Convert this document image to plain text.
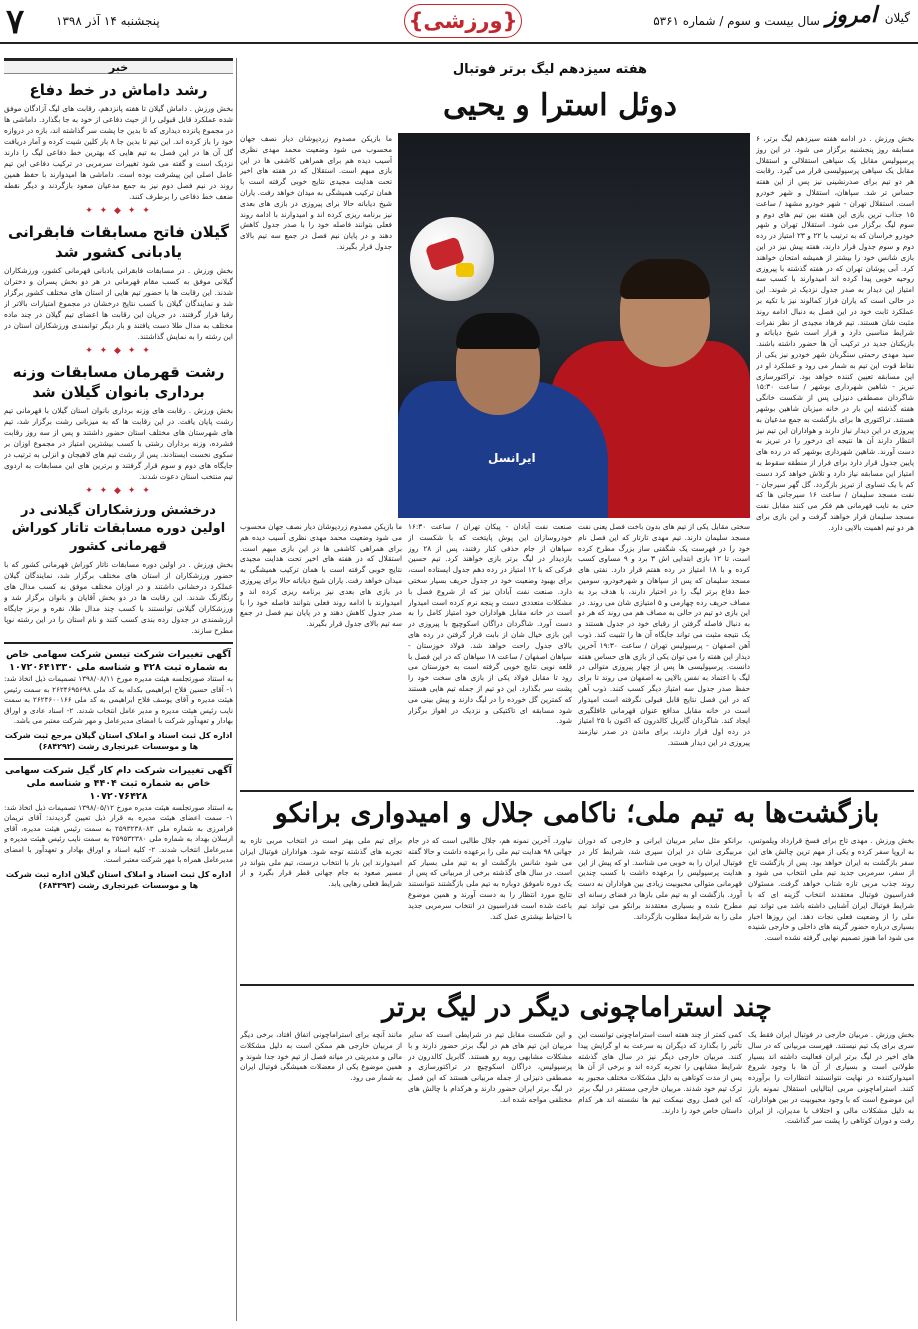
۷	پنجشنبه ۱۴ آذر ۱۳۹۸	{ورزشی}	سال بیست و سوم / شماره ۵۳۶۱	گیلان امروز
خبر
رشد داماش در خط دفاع
بخش ورزش . داماش گیلان تا هفته پانزدهم، رقابت های لیگ آزادگان موفق شده عملکرد قابل قبولی را از حیث دفاعی از خود به جا بگذارد. داماشی ها در مجموع پانزده دیداری که تا بدین جا پشت سر گذاشته اند، بازه در دروازه خود را باز کرده اند. این تیم تا بدین جا ۸ بار کلین شیت کرده و آمار دریافت گل آن ها در این فصل به تیم هایی که بهترین خط دفاعی لیگ را دارند نزدیک است و گفته می شود تغییرات سرمربی در ترکیب دفاعی این تیم عامل اصلی این پیشرفت بوده است. داماشی ها امیدوارند با حفظ همین روند در نیم فصل دوم نیز به جمع مدعیان صعود بازگردند و دیگر نقطه ضعف خط دفاعی را برطرف کنند.
✦ ✦ ◆ ✦ ✦
گیلان فاتح مسابقات فابقرانی یادبانی کشور شد
بخش ورزش . در مسابقات فابقرانی یادبانی قهرمانی کشور، ورزشکاران گیلانی موفق به کسب مقام قهرمانی در هر دو بخش پسران و دختران شدند. این رقابت ها با حضور تیم هایی از استان های مختلف کشور برگزار شد و نمایندگان گیلان با کسب نتایج درخشان در مجموع امتیازات بالاتر از رقبا قرار گرفتند. در جریان این رقابت ها اعضای تیم گیلان در چند ماده مختلف به مدال طلا دست یافتند و بار دیگر توانمندی ورزشکاران استان در این رشته را به نمایش گذاشتند.
✦ ✦ ◆ ✦ ✦
رشت قهرمان مسابقات وزنه برداری بانوان گیلان شد
بخش ورزش . رقابت های وزنه برداری بانوان استان گیلان با قهرمانی تیم رشت پایان یافت. در این رقابت ها که به میزبانی رشت برگزار شد، تیم های شهرستان های مختلف استان حضور داشتند و پس از سه روز رقابت فشرده، وزنه برداران رشتی با کسب بیشترین امتیاز در مجموع اوزان بر سکوی نخست ایستادند. پس از رشت تیم های لاهیجان و انزلی به ترتیب در جایگاه های دوم و سوم قرار گرفتند و برترین های این مسابقات به اردوی تیم منتخب استان دعوت شدند.
✦ ✦ ◆ ✦ ✦
درخشش ورزشکاران گیلانی در اولین دوره مسابقات تاتار کوراش قهرمانی کشور
بخش ورزش . در اولین دوره مسابقات تاتار کوراش قهرمانی کشور که با حضور ورزشکاران از استان های مختلف برگزار شد، نمایندگان گیلان عملکرد درخشانی داشتند و در اوزان مختلف موفق به کسب مدال های رنگارنگ شدند. این رقابت ها در دو بخش آقایان و بانوان برگزار شد و ورزشکاران گیلانی توانستند با کسب چند مدال طلا، نقره و برنز جایگاه ارزشمندی در جدول رده بندی کسب کنند و نام استان را در این رشته نوپا مطرح سازند.
آگهی تغییرات شرکت تیسن شرکت سهامی خاص به شماره ثبت ۴۲۸ و شناسه ملی ۱۰۷۲۰۶۴۱۳۳۰
به استناد صورتجلسه هیئت مدیره مورخ ۱۳۹۸/۰۸/۱۱ تصمیمات ذیل اتخاذ شد: ۱- آقای حسین فلاح ابراهیمی بکدله به کد ملی ۲۶۲۴۶۹۵۶۹۸ به سمت رئیس هیئت مدیره و آقای یوسف فلاح ابراهیمی به کد ملی ۲۶۲۴۶۰۰۱۶۶ به سمت نایب رئیس هیئت مدیره و مدیر عامل انتخاب شدند. ۲- اسناد عادی و اوراق بهادار و تعهدآور شرکت با امضای مدیرعامل و مهر شرکت معتبر می باشد.
اداره کل ثبت اسناد و املاک استان گیلان مرجع ثبت شرکت ها و موسسات غیرتجاری رشت (۶۸۴۲۹۲)
آگهی تغییرات شرکت دام کار گیل شرکت سهامی خاص به شماره ثبت ۴۴۰۴ و شناسه ملی ۱۰۷۲۰۷۶۴۲۸
به استناد صورتجلسه هیئت مدیره مورخ ۱۳۹۸/۰۵/۱۲ تصمیمات ذیل اتخاذ شد: ۱- سمت اعضای هیئت مدیره به قرار ذیل تعیین گردیدند: آقای نریمان فرامرزی به شماره ملی ۲۵۹۳۲۳۸۰۸۳ به سمت رئیس هیئت مدیره، آقای ارسلان بهداد به شماره ملی ۲۵۹۵۳۲۳۸۰ به سمت نایب رئیس هیئت مدیره و مدیرعامل انتخاب شدند. ۲- کلیه اسناد و اوراق بهادار و تعهدآور با امضای مدیرعامل همراه با مهر شرکت معتبر است.
اداره کل ثبت اسناد و املاک استان گیلان اداره ثبت شرکت ها و موسسات غیرتجاری رشت (۶۸۴۳۹۳)
هفته سیزدهم لیگ برتر فوتبال
دوئل استرا و یحیی
بخش ورزش . در ادامه هفته سیزدهم لیگ برتر، ۶ مسابقه روز پنجشنبه برگزار می شود. در این روز پرسپولیس مقابل یک سپاهی استقلالی و استقلال مقابل یک سپاهی پرسپولیسی قرار می گیرد. رقابت هر دو تیم برای صدرنشینی نیز پس از این هفته حساس تر شد. سپاهان، استقلال و شهر خودرو است. استقلال تهران - شهر خودرو مشهد / ساعت ۱۵ جذاب ترین بازی این هفته بین تیم های دوم و سوم لیگ برگزار می شود. استقلال تهران و شهر خودرو خراسان که به ترتیب با ۲۲ و ۲۳ امتیاز در رده دوم و سوم جدول قرار دارند، هفته پیش نیز در این بازی شانس خود را بیشتر از همیشه امتحان خواهند کرد. آبی پوشان تهران که در هفته گذشته با پیروزی روحیه خوبی پیدا کرده اند امیدوارند با کسب سه امتیاز این دیدار به صدر جدول نزدیک تر شوند. این در حالی است که یاران فراز کمالوند نیز با تکیه بر عملکرد ثابت خود در این فصل به دنبال ادامه روند مثبت شان هستند. تیم فرهاد مجیدی از نظر نفرات شرایط مناسبی دارد و قرار است شیخ دیاباته و بازیکنان جدید در ترکیب آن ها حضور داشته باشند. سید مهدی رحمتی سنگربان شهر خودرو نیز یکی از نقاط قوت این تیم به شمار می رود و عملکرد او در این مسابقه تعیین کننده خواهد بود. تراکتورسازی تبریز - شاهین شهرداری بوشهر / ساعت ۱۵:۳۰ شاگردان مصطفی دنیزلی پس از شکست خانگی هفته گذشته این بار در خانه میزبان شاهین بوشهر هستند. تراکتوری ها برای بازگشت به جمع مدعیان به پیروزی در این دیدار نیاز دارند و هواداران این تیم نیز انتظار دارند آن ها نتیجه ای درخور را در تبریز به دست آورند. شاهین شهرداری بوشهر که در رده های پایین جدول قرار دارد برای فرار از منطقه سقوط به امتیاز این مسابقه نیاز دارد و تلاش خواهد کرد دست کم با یک تساوی از تبریز بازگردد. گل گهر سیرجان - نفت مسجد سلیمان / ساعت ۱۶ سیرجانی ها که حتی به نایب قهرمانی هم فکر می کنند مقابل نفت مسجد سلیمان قرار خواهند گرفت و این بازی برای هر دو تیم اهمیت بالایی دارد.
ما بازیکن مصدوم زردپوشان دیار نصف جهان محسوب می شود وضعیت محمد مهدی نظری آسیب دیده هم برای همراهی کاشفی ها در این بازی مبهم است. استقلال که در هفته های اخیر تحت هدایت مجیدی نتایج خوبی گرفته است با همان ترکیب همیشگی به میدان خواهد رفت. یاران شیخ دیاباته حالا برای پیروزی در بازی های بعدی نیز برنامه ریزی کرده اند و امیدوارند با ادامه روند فعلی بتوانند فاصله خود را با صدر جدول کاهش دهند و در پایان نیم فصل در جمع سه تیم بالای جدول قرار بگیرند.
سختی مقابل یکی از تیم های بدون باخت فصل یعنی نفت مسجد سلیمان دارند. تیم مهدی تارتار که این فصل نام خود را در فهرست یک شگفتی ساز بزرگ مطرح کرده است، تا ۱۲ بازی ابتدایی اش ۳ برد و ۹ مساوی کسب کرده و با ۱۸ امتیاز در رده هفتم قرار دارد. نفتی های مسجد سلیمان که پس از سپاهان و شهرخودرو، سومین خط دفاع برتر لیگ را در اختیار دارند، با هدف برد به مصاف حریف رده چهارمی و ۵ امتیازی شان می روند. در این بازی دو تیم در حالی به مصاف هم می روند که هر دو به دنبال فاصله گرفتن از رقبای خود در جدول هستند و یک نتیجه مثبت می تواند جایگاه آن ها را تثبیت کند. ذوب آهن اصفهان - پرسپولیس تهران / ساعت ۱۹:۳۰ آخرین دیدار این هفته را می توان یکی از بازی های حساس هفته دانست. پرسپولیسی ها پس از چهار پیروزی متوالی در لیگ با اعتماد به نفس بالایی به اصفهان می روند تا برای حفظ صدر جدول سه امتیاز دیگر کسب کنند. ذوب آهن که در این فصل نتایج قابل قبولی نگرفته است امیدوار است در خانه مقابل مدافع عنوان قهرمانی غافلگیری ایجاد کند. شاگردان گابریل کالدرون که اکنون با ۲۵ امتیاز در رده اول قرار دارند، برای ماندن در صدر نیازمند پیروزی در این دیدار هستند.
صنعت نفت آبادان - پیکان تهران / ساعت ۱۶:۳۰ خودروسازان این پوش پایتخت که با شکست از سپاهان از جام حذفی کنار رفتند، پس از ۲۸ روز بازدیدار در لیگ برتر بازی خواهند کرد. تیم حسین فرکی که با ۱۲ امتیاز در رده دهم جدول ایستاده است، برای بهبود وضعیت خود در جدول حریف بسیار سختی دارد. صنعت نفت آبادان نیز که از شروع فصل با مشکلات متعددی دست و پنجه نرم کرده است امیدوار است در خانه مقابل هواداران خود امتیاز کامل را به دست آورد. شاگردان دراگان اسکوچیچ با پیروزی در این بازی خیال شان از بابت قرار گرفتن در رده های بالای جدول راحت خواهد شد. فولاد خوزستان - سپاهان اصفهان / ساعت ۱۸ سپاهان که در این فصل با قلعه نویی نتایج خوبی گرفته است به خوزستان می رود تا مقابل فولاد یکی از بازی های سخت خود را پشت سر بگذارد. این دو تیم از جمله تیم هایی هستند که کمترین گل خورده را در لیگ دارند و پیش بینی می شود مسابقه ای تاکتیکی و نزدیک در اهواز برگزار شود.
ما بازیکن مصدوم زردپوشان دیار نصف جهان محسوب می شود وضعیت محمد مهدی نظری آسیب دیده هم برای همراهی کاشفی ها در این بازی مبهم است. استقلال که در هفته های اخیر تحت هدایت مجیدی نتایج خوبی گرفته است با همان ترکیب همیشگی به میدان خواهد رفت. یاران شیخ دیاباته حالا برای پیروزی در بازی های بعدی نیز برنامه ریزی کرده اند و امیدوارند با ادامه روند فعلی بتوانند فاصله خود را با صدر جدول کاهش دهند و در پایان نیم فصل در جمع سه تیم بالای جدول قرار بگیرند.
ایرانسل
بازگشت‌ها به تیم ملی؛ ناکامی جلال و امیدواری برانکو
بخش ورزش . مهدی تاج برای فسخ قرارداد ویلموتس، به اروپا سفر کرده و یکی از مهم ترین چالش های این سفر بازگشت به ایران خواهد بود. پس از بازگشت تاج از سفر، سرمربی جدید تیم ملی انتخاب می شود و روند جذب مربی تازه شتاب خواهد گرفت. مسئولان فدراسیون فوتبال معتقدند انتخاب گزینه ای که با شرایط فوتبال ایران آشنایی داشته باشد می تواند تیم ملی را از وضعیت فعلی نجات دهد. این روزها اخبار بسیاری درباره حضور گزینه های داخلی و خارجی شنیده می شود اما هنوز تصمیم نهایی گرفته نشده است.
برانکو مثل سایر مربیان ایرانی و خارجی که دوران مربیگری شان در ایران سپری شد، شرایط کار در فوتبال ایران را به خوبی می شناسد. او که پیش از این هدایت پرسپولیس را برعهده داشت با کسب چندین قهرمانی متوالی محبوبیت زیادی بین هواداران به دست آورد. بازگشت او به تیم ملی بارها در فضای رسانه ای مطرح شده و بسیاری معتقدند برانکو می تواند تیم ملی را به شرایط مطلوب بازگرداند.
نیاورد. آخرین نمونه هم، جلال طالبی است که در جام جهانی ۹۸ هدایت تیم ملی را برعهده داشت و حالا گفته می شود شانس بازگشت او به تیم ملی بسیار کم است. در سال های گذشته برخی از مربیانی که پس از یک دوره ناموفق دوباره به تیم ملی بازگشتند نتوانستند نتایج مورد انتظار را به دست آورند و همین موضوع باعث شده است فدراسیون در انتخاب سرمربی جدید با احتیاط بیشتری عمل کند.
برای تیم ملی بهتر است در انتخاب مربی تازه به تجربه های گذشته توجه شود. هواداران فوتبال ایران امیدوارند این بار با انتخاب درست، تیم ملی بتواند در مسیر صعود به جام جهانی قطر قرار بگیرد و از شرایط فعلی رهایی یابد.
چند استراماچونی دیگر در لیگ برتر
بخش ورزش . مربیان خارجی در فوتبال ایران فقط یک سری برای یک تیم نیستند. فهرست مربیانی که در سال های اخیر در لیگ برتر ایران فعالیت داشته اند بسیار طولانی است و بسیاری از آن ها با وجود شروع امیدوارکننده در نهایت نتوانستند انتظارات را برآورده کنند. استراماچونی مربی ایتالیایی استقلال نمونه بارز این موضوع است که با وجود محبوبیت در بین هواداران، به دلیل مشکلات مالی و اختلاف با مدیران، از ایران رفت و دوران کوتاهی را پشت سر گذاشت.
کمی کمتر از چند هفته است استراماچونی توانست این تأثیر را بگذارد که دیگران به سرعت به او گرایش پیدا کنند. مربیان خارجی دیگر نیز در سال های گذشته شرایط مشابهی را تجربه کرده اند و برخی از آن ها پس از مدت کوتاهی به دلیل مشکلات مختلف مجبور به ترک تیم خود شدند. مربیان خارجی مستقر در لیگ برتر که این فصل روی نیمکت تیم ها نشسته اند هر کدام داستان خاص خود را دارند.
و این شکست مقابل تیم در شرایطی است که سایر مربیان این تیم های هم در لیگ برتر حضور دارند و با مشکلات مشابهی روبه رو هستند. گابریل کالدرون در پرسپولیس، دراگان اسکوچیچ در تراکتورسازی و مصطفی دنیزلی از جمله مربیانی هستند که این فصل در لیگ برتر ایران حضور دارند و هرکدام با چالش های مختلفی مواجه شده اند.
مانند آنچه برای استراماچونی اتفاق افتاد، برخی دیگر از مربیان خارجی هم ممکن است به دلیل مشکلات مالی و مدیریتی در میانه فصل از تیم خود جدا شوند و همین موضوع یکی از معضلات همیشگی فوتبال ایران به شمار می رود.
